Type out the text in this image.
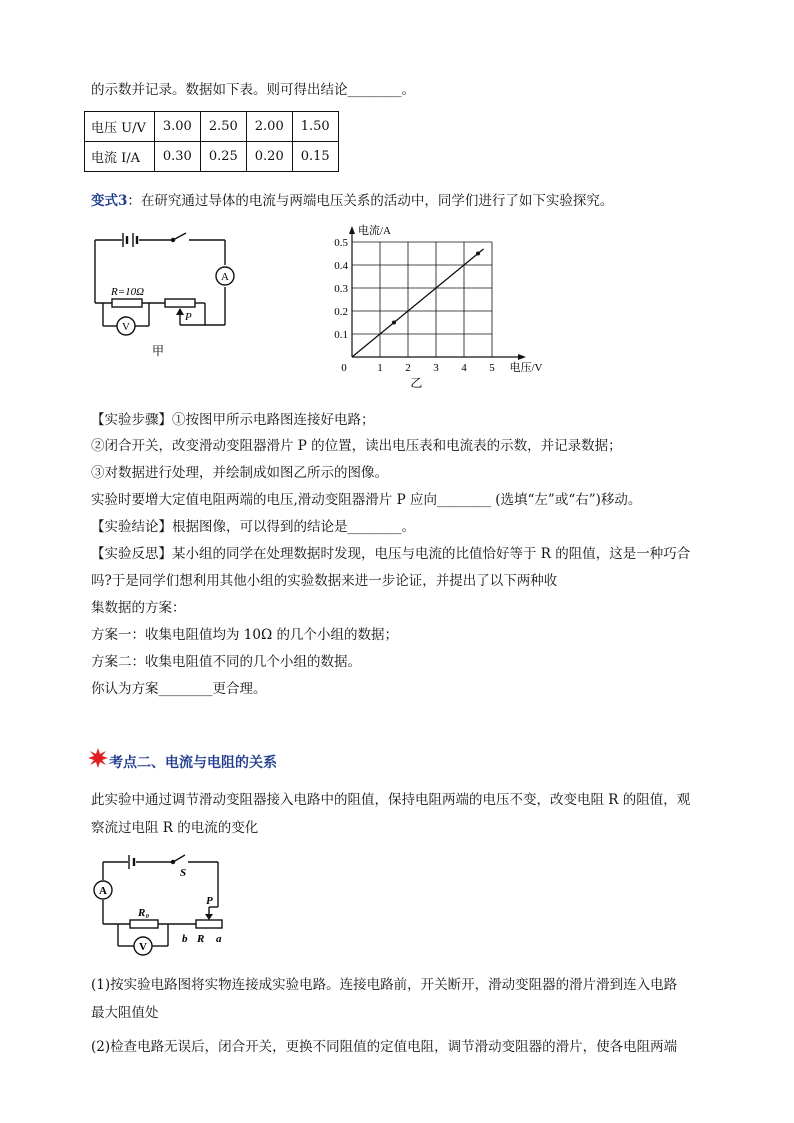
的示数并记录。数据如下表。则可得出结论________。
电压 U/V	3.00	2.50	2.00	1.50
电流 I/A	0.30	0.25	0.20	0.15
变式3：在研究通过导体的电流与两端电压关系的活动中，同学们进行了如下实验探究。
A
V
R=10Ω
P
甲
0	1 2 3 4 5
0.1
0.2
0.3
0.4
0.5
电压/V
电流/A
乙
【实验步骤】①按图甲所示电路图连接好电路；
②闭合开关，改变滑动变阻器滑片 P 的位置，读出电压表和电流表的示数，并记录数据；
③对数据进行处理，并绘制成如图乙所示的图像。
实验时要增大定值电阻两端的电压,滑动变阻器滑片 P 应向________ (选填“左”或“右”)移动。
【实验结论】根据图像，可以得到的结论是________。
【实验反思】某小组的同学在处理数据时发现，电压与电流的比值恰好等于 R 的阻值，这是一种巧合
吗?于是同学们想利用其他小组的实验数据来进一步论证，并提出了以下两种收
集数据的方案：
方案一：收集电阻值均为 10Ω 的几个小组的数据；
方案二：收集电阻值不同的几个小组的数据。
你认为方案________更合理。
考点二、电流与电阻的关系
此实验中通过调节滑动变阻器接入电路中的阻值，保持电阻两端的电压不变，改变电阻 R 的阻值，观
察流过电阻 R 的电流的变化
A
V
S
R₀
P
b R a
(1)按实验电路图将实物连接成实验电路。连接电路前，开关断开，滑动变阻器的滑片滑到连入电路
最大阻值处
(2)检查电路无误后，闭合开关，更换不同阻值的定值电阻，调节滑动变阻器的滑片，使各电阻两端
